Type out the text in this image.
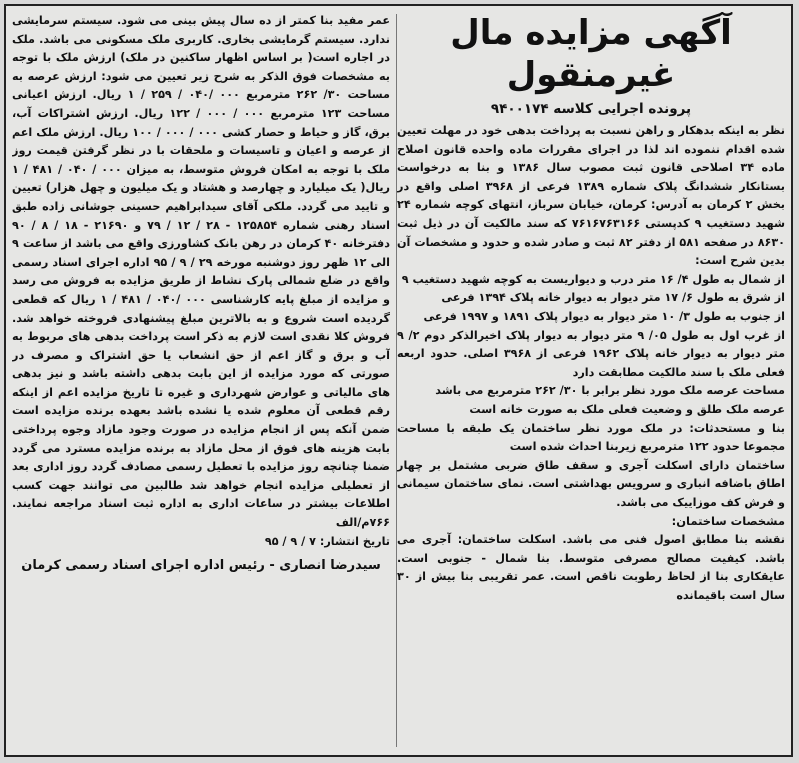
آگهی مزایده مال غیرمنقول
پرونده اجرایی کلاسه ۹۴۰۰۱۷۴

نظر به اینکه بدهکار و راهن نسبت به پرداخت بدهی خود در مهلت تعیین شده اقدام ننموده اند لذا در اجرای مقررات ماده واحده قانون اصلاح ماده ۳۴ اصلاحی قانون ثبت مصوب سال ۱۳۸۶ و بنا به درخواست بستانکار ششدانگ پلاک شماره ۱۳۸۹ فرعی از ۳۹۶۸ اصلی واقع در بخش ۲ کرمان به آدرس: کرمان، خیابان سرباز، انتهای کوچه شماره ۲۴ شهید دستغیب ۹ کدپستی ۷۶۱۶۷۶۳۱۶۶ که سند مالکیت آن در ذیل ثبت ۸۶۳۰ در صفحه ۵۸۱ از دفتر ۸۲ ثبت و صادر شده و حدود و مشخصات آن بدین شرح است:

از شمال به طول ۴/ ۱۶ متر درب و دیواریست به کوچه شهید دستغیب ۹

از شرق به طول ۶/ ۱۷ متر دیوار به دیوار خانه پلاک ۱۳۹۴ فرعی

از جنوب به طول ۳/ ۱۰ متر دیوار به دیوار پلاک ۱۸۹۱ و ۱۹۹۷ فرعی

از غرب اول به طول ۰۵/ ۹ متر دیوار به دیوار پلاک اخیرالذکر دوم ۲/ ۹ متر دیوار به دیوار خانه پلاک ۱۹۶۲ فرعی از ۳۹۶۸ اصلی. حدود اربعه فعلی ملک با سند مالکیت مطابقت دارد

مساحت عرصه ملک مورد نظر برابر با ۳۰/ ۲۶۲ مترمربع می باشد

عرصه ملک طلق و وضعیت فعلی ملک به صورت خانه است

بنا و مستحدثات: در ملک مورد نظر ساختمان یک طبقه با مساحت مجموعا حدود ۱۲۲ مترمربع زیربنا احداث شده است

ساختمان دارای اسکلت آجری و سقف طاق ضربی مشتمل بر چهار اطاق باضافه انباری و سرویس بهداشتی است. نمای ساختمان سیمانی و فرش کف موزاییک می باشد.

مشخصات ساختمان:

نقشه بنا مطابق اصول فنی می باشد. اسکلت ساختمان: آجری می باشد. کیفیت مصالح مصرفی متوسط. بنا شمال - جنوبی است. عایقکاری بنا از لحاظ رطوبت ناقص است. عمر تقریبی بنا بیش از ۳۰ سال است باقیمانده

عمر مفید بنا کمتر از ده سال پیش بینی می شود. سیستم سرمایشی ندارد. سیستم گرمایشی بخاری. کاربری ملک مسکونی می باشد. ملک در اجاره است( بر اساس اظهار ساکنین در ملک) ارزش ملک با توجه به مشخصات فوق الذکر به شرح زیر تعیین می شود: ارزش عرصه به مساحت ۳۰/ ۲۶۲ مترمربع ۰۰۰ /۰۴۰ / ۲۵۹ / ۱ ریال. ارزش اعیانی مساحت ۱۲۳ مترمربع ۰۰۰ / ۰۰۰ / ۱۲۲ ریال. ارزش اشتراکات آب، برق، گاز و حیاط و حصار کشی ۰۰۰ / ۰۰۰ / ۱۰۰ ریال. ارزش ملک اعم از عرصه و اعیان و تاسیسات و ملحقات با در نظر گرفتن قیمت روز ملک با توجه به امکان فروش متوسط، به میزان ۰۰۰ / ۰۴۰ / ۴۸۱ / ۱ ریال( یک میلیارد و چهارصد و هشتاد و یک میلیون و چهل هزار) تعیین و تایید می گردد. ملکی آقای سیدابراهیم حسینی جوشانی زاده طبق اسناد رهنی شماره ۱۲۵۸۵۴ - ۲۸ / ۱۲ / ۷۹ و ۲۱۶۹۰ - ۱۸ / ۸ / ۹۰ دفترخانه ۴۰ کرمان در رهن بانک کشاورزی واقع می باشد از ساعت ۹ الی ۱۲ ظهر روز دوشنبه مورخه ۲۹ / ۹ / ۹۵ اداره اجرای اسناد رسمی واقع در ضلع شمالی پارک نشاط از طریق مزایده به فروش می رسد و مزایده از مبلغ پایه کارشناسی ۰۰۰ /۰۴۰ / ۴۸۱ / ۱ ریال که قطعی گردیده است شروع و به بالاترین مبلغ پیشنهادی فروخته خواهد شد. فروش کلا نقدی است لازم به ذکر است پرداخت بدهی های مربوط به آب و برق و گاز اعم از حق انشعاب یا حق اشتراک و مصرف در صورتی که مورد مزایده از این بابت بدهی داشته باشد و نیز بدهی های مالیاتی و عوارض شهرداری و غیره تا تاریخ مزایده اعم از اینکه رقم قطعی آن معلوم شده یا نشده باشد بعهده برنده مزایده است ضمن آنکه پس از انجام مزایده در صورت وجود مازاد وجوه پرداختی بابت هزینه های فوق از محل مازاد به برنده مزایده مسترد می گردد ضمنا چنانچه روز مزایده با تعطیل رسمی مصادف گردد روز اداری بعد از تعطیلی مزایده انجام خواهد شد طالبین می توانند جهت کسب اطلاعات بیشتر در ساعات اداری به اداره ثبت اسناد مراجعه نمایند. ۷۶۶م/الف

تاریخ انتشار: ۷ / ۹ / ۹۵

سیدرضا انصاری - رئیس اداره اجرای اسناد رسمی کرمان
